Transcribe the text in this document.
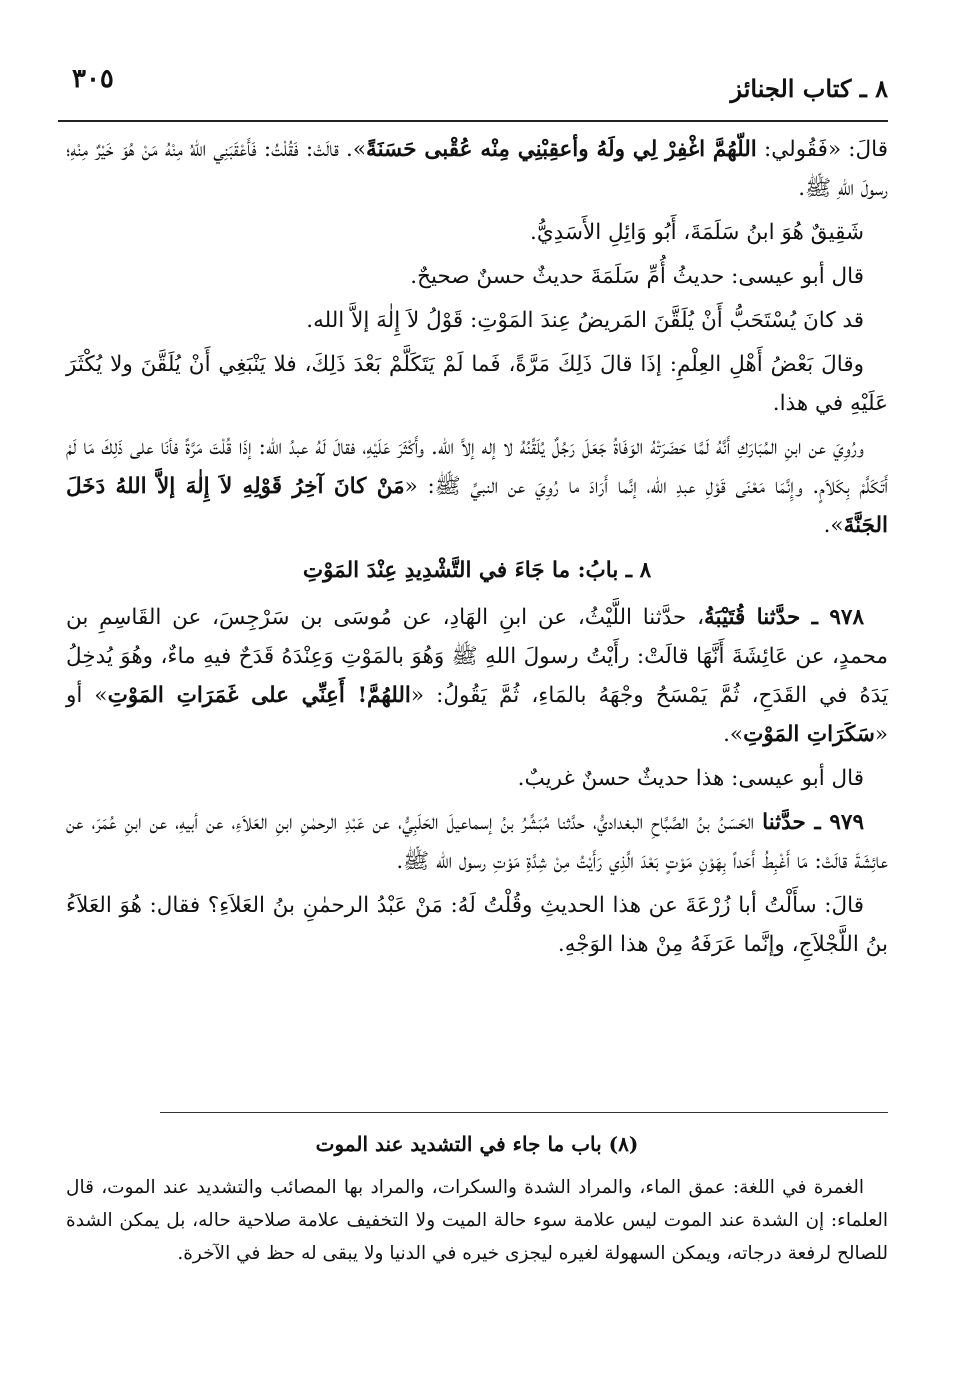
٨ ـ كتاب الجنائز
٣٠٥

قالَ: «فَقُولي: اللّهُمَّ اغْفِرْ لِي ولَهُ وأعقِبْنِي مِنْه عُقْبى حَسَنَةً». قالَتْ: فَقُلْتُ: فَأَعْقَبَنِي اللهُ مِنْهُ مَنْ هُوَ خَيْرٌ مِنْهِ؛ رسولَ اللهِ ﷺ.

شَقِيقٌ هُوَ ابنُ سَلَمَةَ، أَبُو وَائِلِ الأَسَدِيُّ.

قال أبو عيسى: حديثُ أُمِّ سَلَمَةَ حديثٌ حسنٌ صحيحٌ.

قد كانَ يُسْتَحَبُّ أَنْ يُلَقَّنَ المَريضُ عِندَ المَوْتِ: قَوْلُ لاَ إِلٰهَ إلاَّ الله.

وقالَ بَعْضُ أَهْلِ العِلْمِ: إذَا قالَ ذَلِكَ مَرَّةً، فَما لَمْ يَتَكَلَّمْ بَعْدَ ذَلِكَ، فلا يَنْبَغِي أَنْ يُلَقَّنَ ولا يُكْثَرَ عَلَيْهِ في هذا.

ورُوِيَ عن ابنِ المُبَارَكِ أَنَّهُ لَمَّا حَضَرَتْهُ الوَفَاةُ جَعَلَ رَجُلٌ يُلَقِّنُهُ لا إله إلاَّ الله. وأَكْثَرَ عَلَيْهِ، فقالَ لَهُ عبدُ الله: إذَا قُلْتَ مَرَّةً فأنَا على ذَلِكَ مَا لَمْ أَتَكَلَّمْ بِكَلاَمٍ. وإِنَّمَا مَعْنَى قَوْلِ عبدِ الله، إنَّما أَرَادَ ما رُوِيَ عن النبيِّ ﷺ: «مَنْ كانَ آخِرُ قَوْلِهِ لاَ إِلٰهَ إلاَّ اللهُ دَخَلَ الجَنَّةَ».

٨ ـ بابُ: ما جَاءَ في التَّشْدِيدِ عِنْدَ المَوْتِ

٩٧٨ ـ حدَّثنا قُتَيْبَةُ، حدَّثنا اللَّيْثُ، عن ابنِ الهَادِ، عن مُوسَى بن سَرْجِسَ، عن القَاسِمِ بن محمدٍ، عن عَائِشَةَ أَنَّهَا قالَتْ: رأَيْتُ رسولَ اللهِ ﷺ وَهُوَ بالمَوْتِ وَعِنْدَهُ قَدَحٌ فيهِ ماءٌ، وهُوَ يُدخِلُ يَدَهُ في القَدَحِ، ثُمَّ يَمْسَحُ وجْهَهُ بالمَاءِ، ثُمَّ يَقُولُ: «اللهُمَّ! أَعِنِّي على غَمَرَاتِ المَوْتِ» أو «سَكَرَاتِ المَوْتِ».

قال أبو عيسى: هذا حديثٌ حسنٌ غريبٌ.

٩٧٩ ـ حدَّثنا الحَسَنُ بنُ الصَّبَّاحِ البغداديُّ، حدَّثنا مُبَشِّرُ بنُ إسماعيلَ الحَلَبِيُّ، عن عَبْدِ الرحمٰنِ ابنِ العَلاَءِ، عن أبيهِ، عن ابنِ عُمَرَ، عن عائِشَةَ قالَتْ: مَا أَغْبِطُ أَحَداً بِهَوْنِ مَوْتٍ بَعْدَ الَّذِي رَأَيْتُ مِنْ شِدَّةِ مَوْتِ رسول الله ﷺ.

قالَ: سأَلْتُ أبا زُرْعَةَ عن هذا الحديثِ وقُلْتُ لَهُ: مَنْ عَبْدُ الرحمٰنِ بنُ العَلاَءِ؟ فقال: هُوَ العَلاَءُ بنُ اللَّجْلاَجِ، وإنَّما عَرَفَهُ مِنْ هذا الوَجْهِ.

(٨) باب ما جاء في التشديد عند الموت

الغمرة في اللغة: عمق الماء، والمراد الشدة والسكرات، والمراد بها المصائب والتشديد عند الموت، قال العلماء: إن الشدة عند الموت ليس علامة سوء حالة الميت ولا التخفيف علامة صلاحية حاله، بل يمكن الشدة للصالح لرفعة درجاته، ويمكن السهولة لغيره ليجزى خيره في الدنيا ولا يبقى له حظ في الآخرة.
